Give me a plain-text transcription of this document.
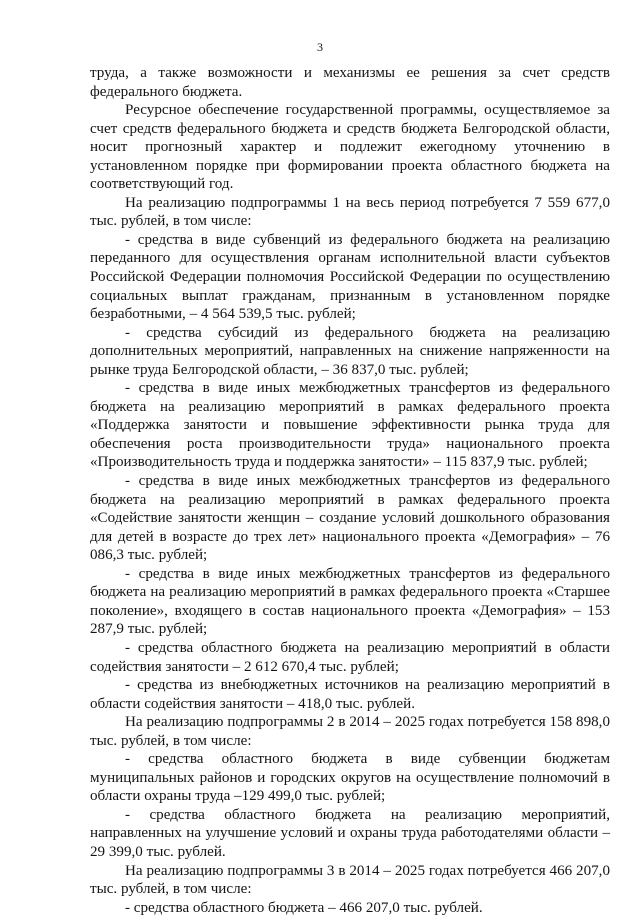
3

труда, а также возможности и механизмы ее решения за счет средств федерального бюджета.

Ресурсное обеспечение государственной программы, осуществляемое за счет средств федерального бюджета и средств бюджета Белгородской области, носит прогнозный характер и подлежит ежегодному уточнению в установленном порядке при формировании проекта областного бюджета на соответствующий год.

На реализацию подпрограммы 1 на весь период потребуется 7 559 677,0 тыс. рублей, в том числе:

- средства в виде субвенций из федерального бюджета на реализацию переданного для осуществления органам исполнительной власти субъектов Российской Федерации полномочия Российской Федерации по осуществлению социальных выплат гражданам, признанным в установленном порядке безработными, – 4 564 539,5 тыс. рублей;

- средства субсидий из федерального бюджета на реализацию дополнительных мероприятий, направленных на снижение напряженности на рынке труда Белгородской области, – 36 837,0 тыс. рублей;

- средства в виде иных межбюджетных трансфертов из федерального бюджета на реализацию мероприятий в рамках федерального проекта «Поддержка занятости и повышение эффективности рынка труда для обеспечения роста производительности труда» национального проекта «Производительность труда и поддержка занятости» – 115 837,9 тыс. рублей;

- средства в виде иных межбюджетных трансфертов из федерального бюджета на реализацию мероприятий в рамках федерального проекта «Содействие занятости женщин – создание условий дошкольного образования для детей в возрасте до трех лет» национального проекта «Демография» – 76 086,3 тыс. рублей;

- средства в виде иных межбюджетных трансфертов из федерального бюджета на реализацию мероприятий в рамках федерального проекта «Старшее поколение», входящего в состав национального проекта «Демография» – 153 287,9 тыс. рублей;

- средства областного бюджета на реализацию мероприятий в области содействия занятости – 2 612 670,4 тыс. рублей;

- средства из внебюджетных источников на реализацию мероприятий в области содействия занятости – 418,0 тыс. рублей.

На реализацию подпрограммы 2 в 2014 – 2025 годах потребуется 158 898,0 тыс. рублей, в том числе:

- средства областного бюджета в виде субвенции бюджетам муниципальных районов и городских округов на осуществление полномочий в области охраны труда –129 499,0 тыс. рублей;

- средства областного бюджета на реализацию мероприятий, направленных на улучшение условий и охраны труда работодателями области – 29 399,0 тыс. рублей.

На реализацию подпрограммы 3 в 2014 – 2025 годах потребуется 466 207,0 тыс. рублей, в том числе:

- средства областного бюджета – 466 207,0 тыс. рублей.
